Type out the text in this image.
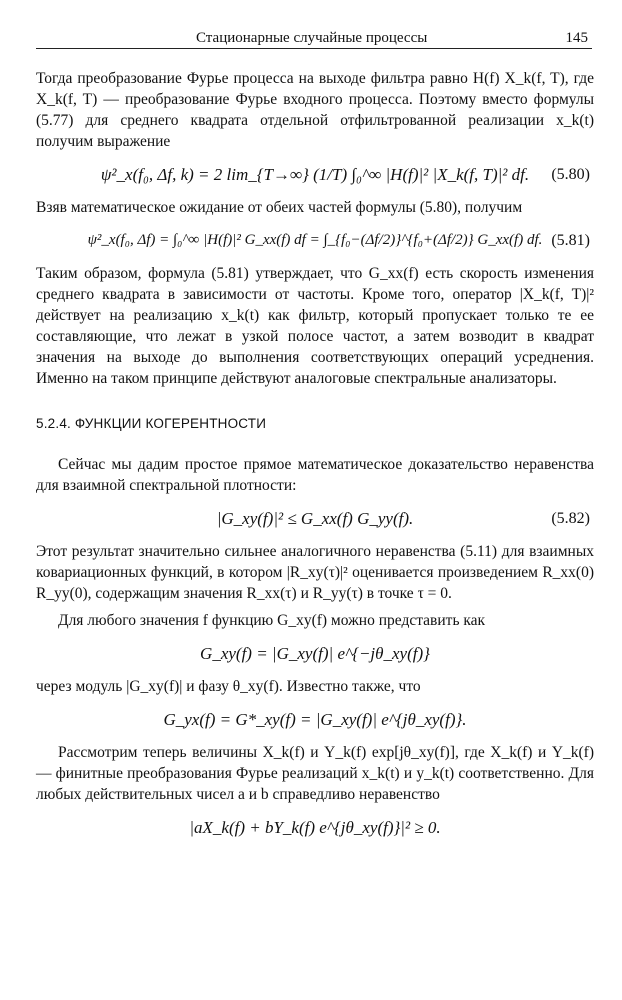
Стационарные случайные процессы	145

Тогда преобразование Фурье процесса на выходе фильтра равно H(f) X_k(f, T), где X_k(f, T) — преобразование Фурье входного процесса. Поэтому вместо формулы (5.77) для среднего квадрата отдельной отфильтрованной реализации x_k(t) получим выражение

ψ²_x(f₀, Δf, k) = 2 lim_{T→∞} (1/T) ∫₀^∞ |H(f)|² |X_k(f, T)|² df. (5.80)

Взяв математическое ожидание от обеих частей формулы (5.80), получим

ψ²_x(f₀, Δf) = ∫₀^∞ |H(f)|² G_xx(f) df = ∫_{f₀−(Δf/2)}^{f₀+(Δf/2)} G_xx(f) df. (5.81)

Таким образом, формула (5.81) утверждает, что G_xx(f) есть скорость изменения среднего квадрата в зависимости от частоты. Кроме того, оператор |X_k(f, T)|² действует на реализацию x_k(t) как фильтр, который пропускает только те ее составляющие, что лежат в узкой полосе частот, а затем возводит в квадрат значения на выходе до выполнения соответствующих операций усреднения. Именно на таком принципе действуют аналоговые спектральные анализаторы.

5.2.4. ФУНКЦИИ КОГЕРЕНТНОСТИ

Сейчас мы дадим простое прямое математическое доказательство неравенства для взаимной спектральной плотности:

|G_xy(f)|² ≤ G_xx(f) G_yy(f).	(5.82)

Этот результат значительно сильнее аналогичного неравенства (5.11) для взаимных ковариационных функций, в котором |R_xy(τ)|² оценивается произведением R_xx(0) R_yy(0), содержащим значения R_xx(τ) и R_yy(τ) в точке τ = 0.

Для любого значения f функцию G_xy(f) можно представить как

G_xy(f) = |G_xy(f)| e^{−jθ_xy(f)}

через модуль |G_xy(f)| и фазу θ_xy(f). Известно также, что

G_yx(f) = G*_xy(f) = |G_xy(f)| e^{jθ_xy(f)}.

Рассмотрим теперь величины X_k(f) и Y_k(f) exp[jθ_xy(f)], где X_k(f) и Y_k(f) — финитные преобразования Фурье реализаций x_k(t) и y_k(t) соответственно. Для любых действительных чисел a и b справедливо неравенство

|aX_k(f) + bY_k(f) e^{jθ_xy(f)}|² ≥ 0.
